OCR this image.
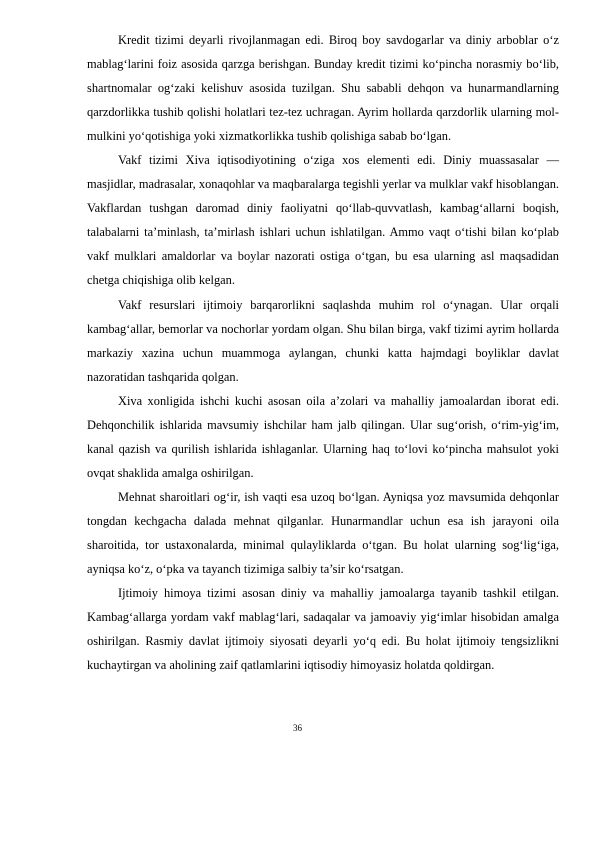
Kredit tizimi deyarli rivojlanmagan edi. Biroq boy savdogarlar va diniy arboblar o‘z mablag‘larini foiz asosida qarzga berishgan. Bunday kredit tizimi ko‘pincha norasmiy bo‘lib, shartnomalar og‘zaki kelishuv asosida tuzilgan. Shu sababli dehqon va hunarmandlarning qarzdorlikka tushib qolishi holatlari tez-tez uchragan. Ayrim hollarda qarzdorlik ularning mol-mulkini yo‘qotishiga yoki xizmatkorlikka tushib qolishiga sabab bo‘lgan.

Vakf tizimi Xiva iqtisodiyotining o‘ziga xos elementi edi. Diniy muassasalar — masjidlar, madrasalar, xonaqohlar va maqbaralarga tegishli yerlar va mulklar vakf hisoblangan. Vakflardan tushgan daromad diniy faoliyatni qo‘llab-quvvatlash, kambag‘allarni boqish, talabalarni ta’minlash, ta’mirlash ishlari uchun ishlatilgan. Ammo vaqt o‘tishi bilan ko‘plab vakf mulklari amaldorlar va boylar nazorati ostiga o‘tgan, bu esa ularning asl maqsadidan chetga chiqishiga olib kelgan.

Vakf resurslari ijtimoiy barqarorlikni saqlashda muhim rol o‘ynagan. Ular orqali kambag‘allar, bemorlar va nochorlar yordam olgan. Shu bilan birga, vakf tizimi ayrim hollarda markaziy xazina uchun muammoga aylangan, chunki katta hajmdagi boyliklar davlat nazoratidan tashqarida qolgan.

Xiva xonligida ishchi kuchi asosan oila a’zolari va mahalliy jamoalardan iborat edi. Dehqonchilik ishlarida mavsumiy ishchilar ham jalb qilingan. Ular sug‘orish, o‘rim-yig‘im, kanal qazish va qurilish ishlarida ishlaganlar. Ularning haq to‘lovi ko‘pincha mahsulot yoki ovqat shaklida amalga oshirilgan.

Mehnat sharoitlari og‘ir, ish vaqti esa uzoq bo‘lgan. Ayniqsa yoz mavsumida dehqonlar tongdan kechgacha dalada mehnat qilganlar. Hunarmandlar uchun esa ish jarayoni oila sharoitida, tor ustaxonalarda, minimal qulayliklarda o‘tgan. Bu holat ularning sog‘lig‘iga, ayniqsa ko‘z, o‘pka va tayanch tizimiga salbiy ta’sir ko‘rsatgan.

Ijtimoiy himoya tizimi asosan diniy va mahalliy jamoalarga tayanib tashkil etilgan. Kambag‘allarga yordam vakf mablag‘lari, sadaqalar va jamoaviy yig‘imlar hisobidan amalga oshirilgan. Rasmiy davlat ijtimoiy siyosati deyarli yo‘q edi. Bu holat ijtimoiy tengsizlikni kuchaytirgan va aholining zaif qatlamlarini iqtisodiy himoyasiz holatda qoldirgan.

36
